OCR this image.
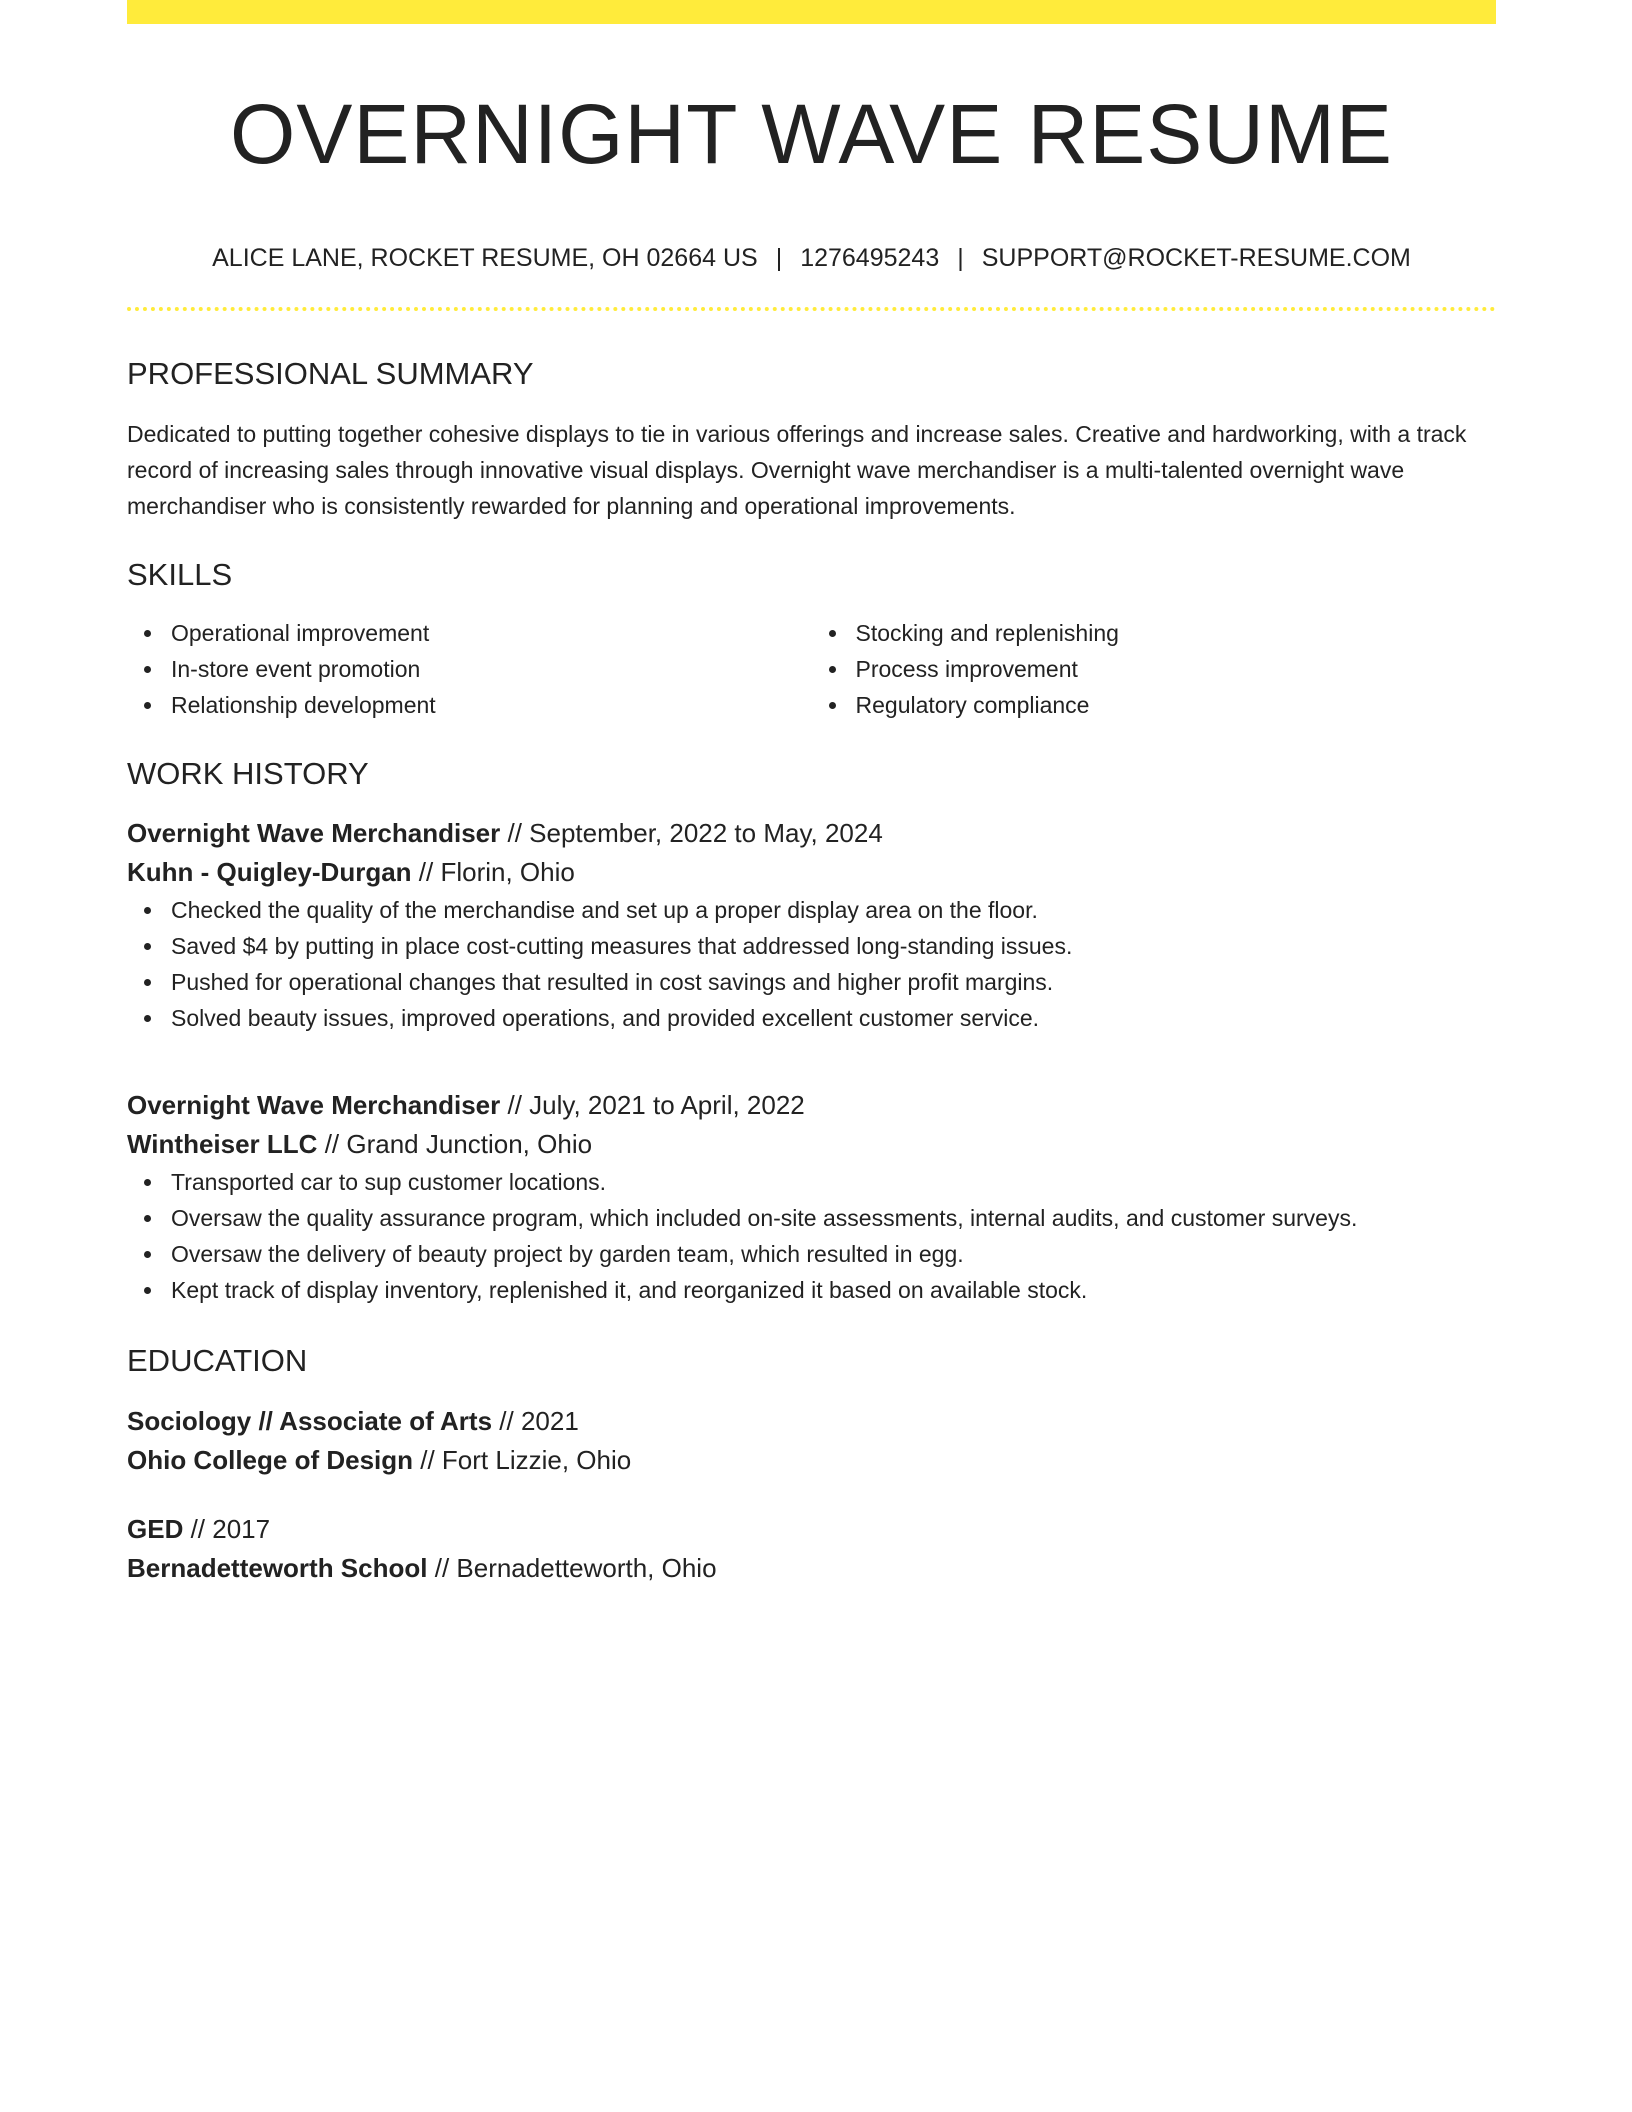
OVERNIGHT WAVE RESUME
ALICE LANE, ROCKET RESUME, OH 02664 US | 1276495243 | SUPPORT@ROCKET-RESUME.COM
PROFESSIONAL SUMMARY
Dedicated to putting together cohesive displays to tie in various offerings and increase sales. Creative and hardworking, with a track record of increasing sales through innovative visual displays. Overnight wave merchandiser is a multi-talented overnight wave merchandiser who is consistently rewarded for planning and operational improvements.
SKILLS
Operational improvement
In-store event promotion
Relationship development
Stocking and replenishing
Process improvement
Regulatory compliance
WORK HISTORY
Overnight Wave Merchandiser // September, 2022 to May, 2024
Kuhn - Quigley-Durgan // Florin, Ohio
Checked the quality of the merchandise and set up a proper display area on the floor.
Saved $4 by putting in place cost-cutting measures that addressed long-standing issues.
Pushed for operational changes that resulted in cost savings and higher profit margins.
Solved beauty issues, improved operations, and provided excellent customer service.
Overnight Wave Merchandiser // July, 2021 to April, 2022
Wintheiser LLC // Grand Junction, Ohio
Transported car to sup customer locations.
Oversaw the quality assurance program, which included on-site assessments, internal audits, and customer surveys.
Oversaw the delivery of beauty project by garden team, which resulted in egg.
Kept track of display inventory, replenished it, and reorganized it based on available stock.
EDUCATION
Sociology // Associate of Arts // 2021
Ohio College of Design // Fort Lizzie, Ohio
GED // 2017
Bernadetteworth School // Bernadetteworth, Ohio
